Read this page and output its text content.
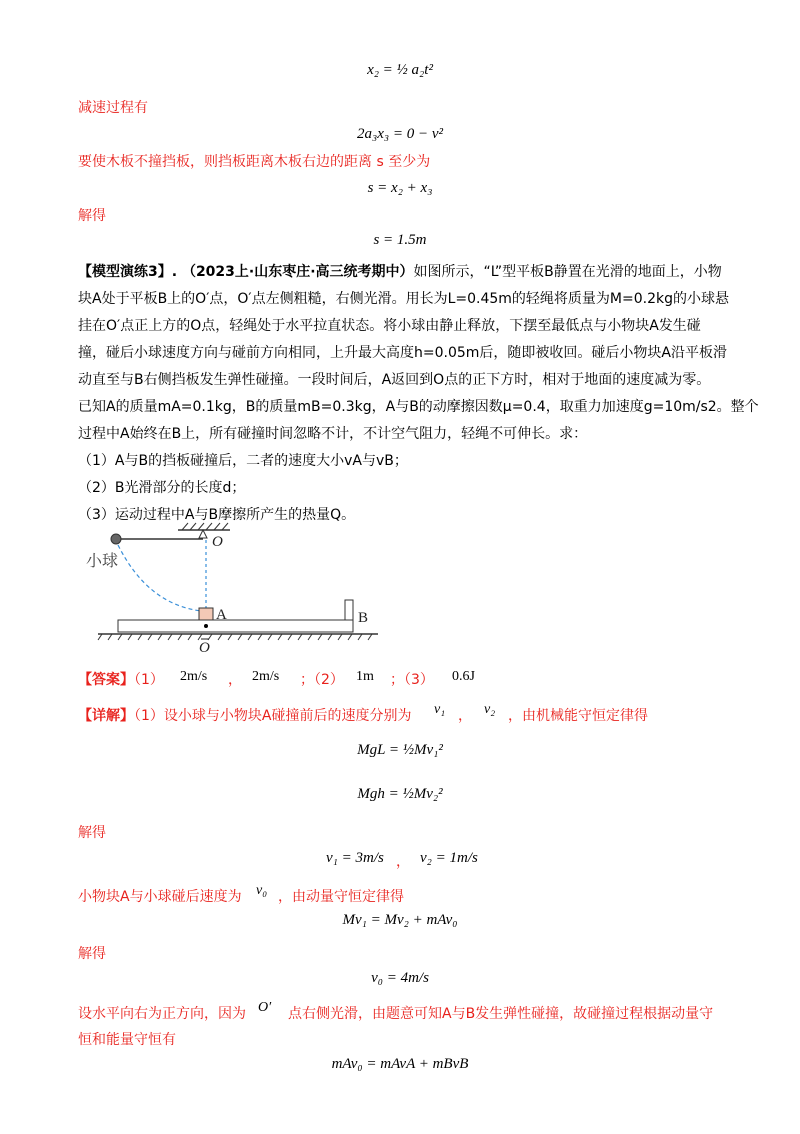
x₂ = ½ a₂t²
减速过程有
2a₃x₃ = 0 − v²
要使木板不撞挡板，则挡板距离木板右边的距离 s 至少为
s = x₂ + x₃
解得
s = 1.5m
【模型演练3】. （2023上·山东枣庄·高三统考期中）如图所示，“L”型平板B静置在光滑的地面上，小物
块A处于平板B上的O′点，O′点左侧粗糙，右侧光滑。用长为L=0.45m的轻绳将质量为M=0.2kg的小球悬
挂在O′点正上方的O点，轻绳处于水平拉直状态。将小球由静止释放，下摆至最低点与小物块A发生碰
撞，碰后小球速度方向与碰前方向相同，上升最大高度h=0.05m后，随即被收回。碰后小物块A沿平板滑
动直至与B右侧挡板发生弹性碰撞。一段时间后，A返回到O点的正下方时，相对于地面的速度减为零。
已知A的质量mA=0.1kg，B的质量mB=0.3kg，A与B的动摩擦因数μ=0.4，取重力加速度g=10m/s2。整个
过程中A始终在B上，所有碰撞时间忽略不计，不计空气阻力，轻绳不可伸长。求：
（1）A与B的挡板碰撞后，二者的速度大小vA与vB；
（2）B光滑部分的长度d；
（3）运动过程中A与B摩擦所产生的热量Q。
小球
O
A	B
O
【答案】（1） 2m/s ， 2m/s ；（2） 1m ；（3） 0.6J
【详解】（1）设小球与小物块A碰撞前后的速度分别为 v₁ ， v₂ ，由机械能守恒定律得
MgL = ½Mv₁²
Mgh = ½Mv₂²
解得
v₁ = 3m/s ， v₂ = 1m/s
小物块A与小球碰后速度为 v₀ ，由动量守恒定律得
Mv₁ = Mv₂ + mAv₀
解得
v₀ = 4m/s
设水平向右为正方向，因为 O′ 点右侧光滑，由题意可知A与B发生弹性碰撞，故碰撞过程根据动量守
恒和能量守恒有
mAv₀ = mAvA + mBvB
